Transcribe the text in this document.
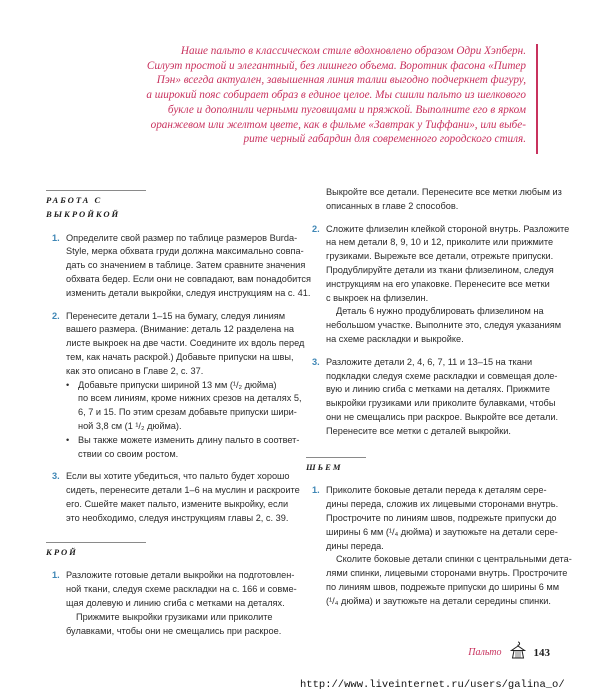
Наше пальто в классическом стиле вдохновлено образом Одри Хэпберн.
Силуэт простой и элегантный, без лишнего объема. Воротник фасона «Питер
Пэн» всегда актуален, завышенная линия талии выгодно подчеркнет фигуру,
а широкий пояс собирает образ в единое целое. Мы сшили пальто из шелкового
букле и дополнили черными пуговицами и пряжкой. Выполните его в ярком
оранжевом или желтом цвете, как в фильме «Завтрак у Тиффани», или выбе-
рите черный габардин для современного городского стиля.
РАБОТА С ВЫКРОЙКОЙ
1. Определите свой размер по таблице размеров Burda-
Style, мерка обхвата груди должна максимально совпа-
дать со значением в таблице. Затем сравните значения
обхвата бедер. Если они не совпадают, вам понадобится
изменить детали выкройки, следуя инструкциям на с. 41.
2. Перенесите детали 1–15 на бумагу, следуя линиям
вашего размера. (Внимание: деталь 12 разделена на
листе выкроек на две части. Соедините их вдоль перед
тем, как начать раскрой.) Добавьте припуски на швы,
как это описано в Главе 2, с. 37.
• Добавьте припуски шириной 13 мм (¹/₂ дюйма)
по всем линиям, кроме нижних срезов на деталях 5,
6, 7 и 15. По этим срезам добавьте припуски шири-
ной 3,8 см (1 ¹/₂ дюйма).
• Вы также можете изменить длину пальто в соответ-
ствии со своим ростом.
3. Если вы хотите убедиться, что пальто будет хорошо
сидеть, перенесите детали 1–6 на муслин и раскроите
его. Сшейте макет пальто, измените выкройку, если
это необходимо, следуя инструкциям главы 2, с. 39.
КРОЙ
1. Разложите готовые детали выкройки на подготовлен-
ной ткани, следуя схеме раскладки на с. 166 и совме-
щая долевую и линию сгиба с метками на деталях.
Прижмите выкройки грузиками или приколите
булавками, чтобы они не смещались при раскрое.
Выкройте все детали. Перенесите все метки любым из
описанных в главе 2 способов.
2. Сложите флизелин клейкой стороной внутрь. Разложите
на нем детали 8, 9, 10 и 12, приколите или прижмите
грузиками. Вырежьте все детали, отрежьте припуски.
Продублируйте детали из ткани флизелином, следуя
инструкциям на его упаковке. Перенесите все метки
с выкроек на флизелин.
Деталь 6 нужно продублировать флизелином на
небольшом участке. Выполните это, следуя указаниям
на схеме раскладки и выкройке.
3. Разложите детали 2, 4, 6, 7, 11 и 13–15 на ткани
подкладки следуя схеме раскладки и совмещая доле-
вую и линию сгиба с метками на деталях. Прижмите
выкройки грузиками или приколите булавками, чтобы
они не смещались при раскрое. Выкройте все детали.
Перенесите все метки с деталей выкройки.
ШЬЕМ
1. Приколите боковые детали переда к деталям сере-
дины переда, сложив их лицевыми сторонами внутрь.
Прострочите по линиям швов, подрежьте припуски до
ширины 6 мм (¹/₄ дюйма) и заутюжьте на детали сере-
дины переда.
Сколите боковые детали спинки с центральными дета-
лями спинки, лицевыми сторонами внутрь. Прострочите
по линиям швов, подрежьте припуски до ширины 6 мм
(¹/₄ дюйма) и заутюжьте на детали середины спинки.
Пальто	143
http://www.liveinternet.ru/users/galina_o/
